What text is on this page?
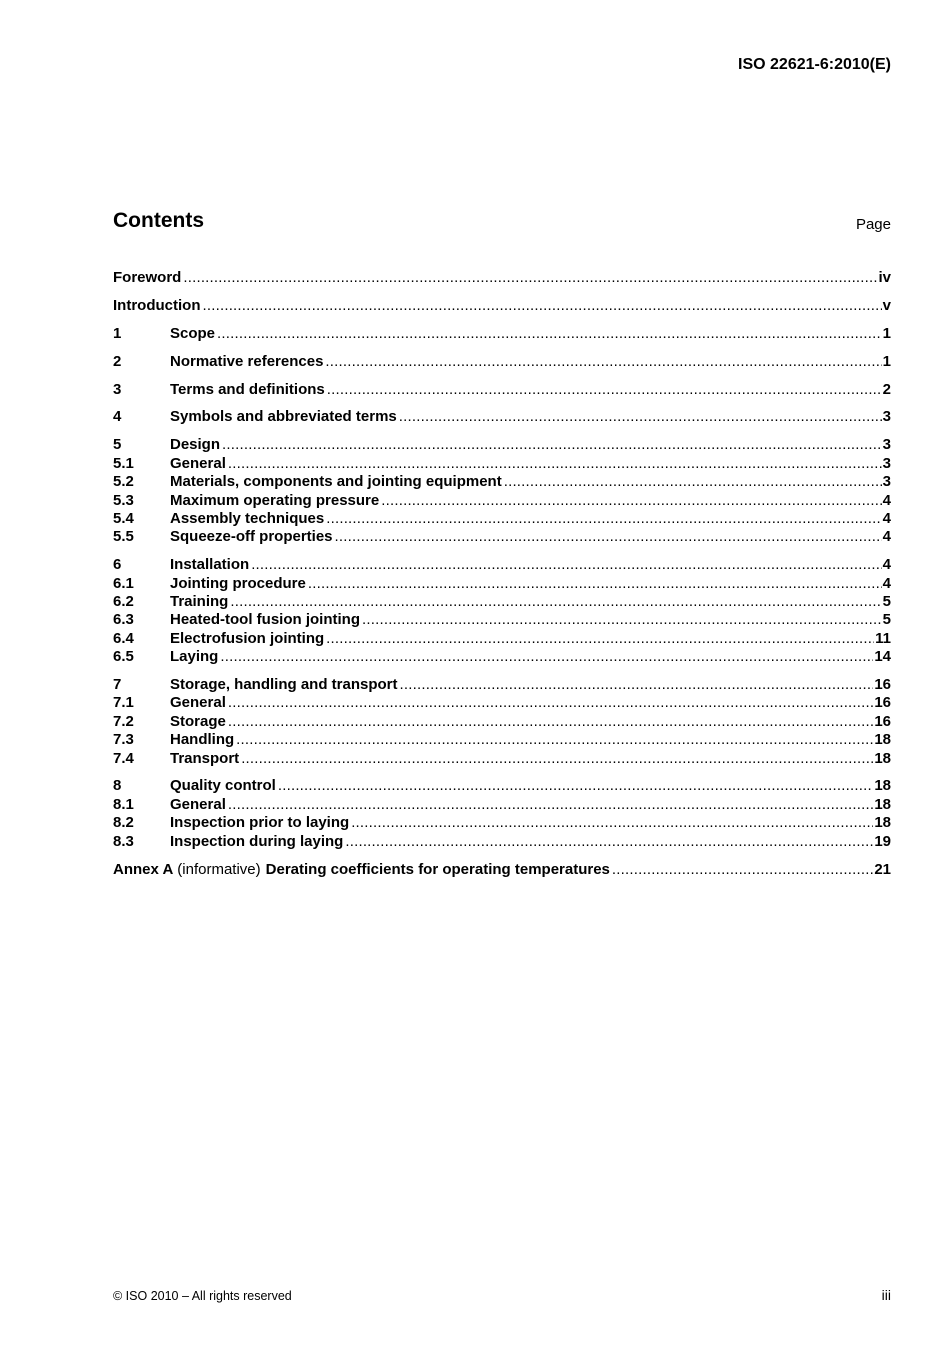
ISO 22621-6:2010(E)
Contents	Page
Foreword .....	iv
Introduction .....	v
1	Scope .....	1
2	Normative references .....	1
3	Terms and definitions .....	2
4	Symbols and abbreviated terms .....	3
5	Design .....	3
5.1	General .....	3
5.2	Materials, components and jointing equipment .....	3
5.3	Maximum operating pressure .....	4
5.4	Assembly techniques .....	4
5.5	Squeeze-off properties .....	4
6	Installation .....	4
6.1	Jointing procedure .....	4
6.2	Training .....	5
6.3	Heated-tool fusion jointing .....	5
6.4	Electrofusion jointing .....	11
6.5	Laying .....	14
7	Storage, handling and transport .....	16
7.1	General .....	16
7.2	Storage .....	16
7.3	Handling .....	18
7.4	Transport .....	18
8	Quality control .....	18
8.1	General .....	18
8.2	Inspection prior to laying .....	18
8.3	Inspection during laying .....	19
Annex A (informative) Derating coefficients for operating temperatures .....	21
© ISO 2010 – All rights reserved	iii
